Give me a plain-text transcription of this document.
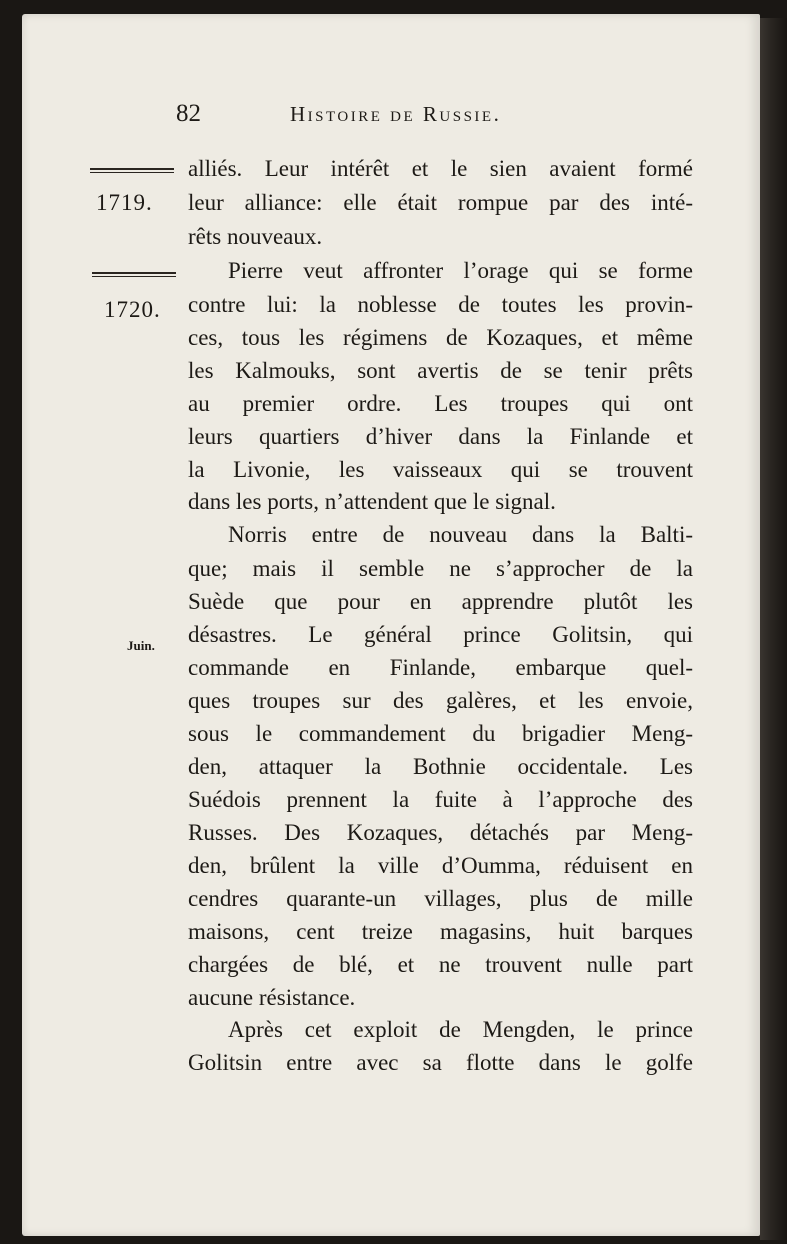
82	Histoire de Russie.
1719.
1720.
Juin.
alliés. Leur intérêt et le sien avaient formé
leur alliance: elle était rompue par des inté-
rêts nouveaux.
Pierre veut affronter l’orage qui se forme
contre lui: la noblesse de toutes les provin-
ces, tous les régimens de Kozaques, et même
les Kalmouks, sont avertis de se tenir prêts
au premier ordre. Les troupes qui ont
leurs quartiers d’hiver dans la Finlande et
la Livonie, les vaisseaux qui se trouvent
dans les ports, n’attendent que le signal.
Norris entre de nouveau dans la Balti-
que; mais il semble ne s’approcher de la
Suède que pour en apprendre plutôt les
désastres. Le général prince Golitsin, qui
commande en Finlande, embarque quel-
ques troupes sur des galères, et les envoie,
sous le commandement du brigadier Meng-
den, attaquer la Bothnie occidentale. Les
Suédois prennent la fuite à l’approche des
Russes. Des Kozaques, détachés par Meng-
den, brûlent la ville d’Oumma, réduisent en
cendres quarante-un villages, plus de mille
maisons, cent treize magasins, huit barques
chargées de blé, et ne trouvent nulle part
aucune résistance.
Après cet exploit de Mengden, le prince
Golitsin entre avec sa flotte dans le golfe
